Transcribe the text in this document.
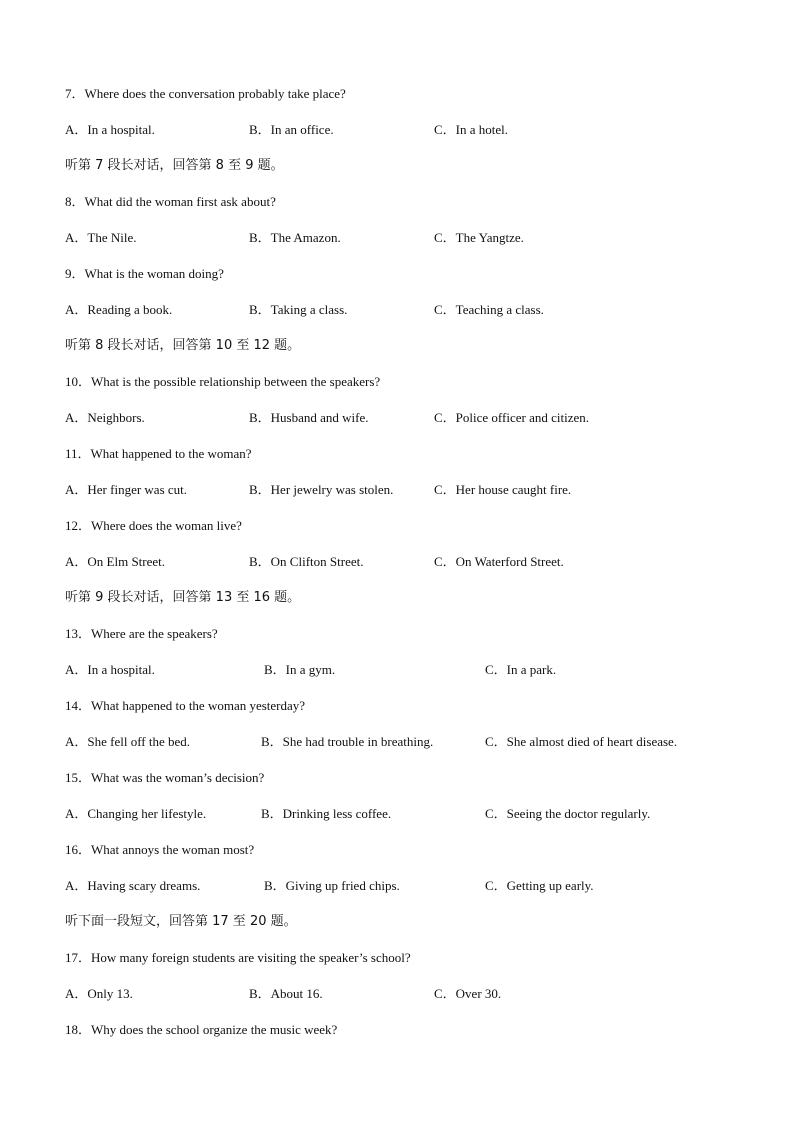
7．Where does the conversation probably take place?
A．In a hospital.	B．In an office.	C．In a hotel.
听第 7 段长对话，回答第 8 至 9 题。
8．What did the woman first ask about?
A．The Nile.	B．The Amazon.	C．The Yangtze.
9．What is the woman doing?
A．Reading a book.	B．Taking a class.	C．Teaching a class.
听第 8 段长对话，回答第 10 至 12 题。
10．What is the possible relationship between the speakers?
A．Neighbors.	B．Husband and wife.	C．Police officer and citizen.
11．What happened to the woman?
A．Her finger was cut.	B．Her jewelry was stolen.	C．Her house caught fire.
12．Where does the woman live?
A．On Elm Street.	B．On Clifton Street.	C．On Waterford Street.
听第 9 段长对话，回答第 13 至 16 题。
13．Where are the speakers?
A．In a hospital.	B．In a gym.	C．In a park.
14．What happened to the woman yesterday?
A．She fell off the bed.	B．She had trouble in breathing.	C．She almost died of heart disease.
15．What was the woman’s decision?
A．Changing her lifestyle.	B．Drinking less coffee.	C．Seeing the doctor regularly.
16．What annoys the woman most?
A．Having scary dreams.	B．Giving up fried chips.	C．Getting up early.
听下面一段短文，回答第 17 至 20 题。
17．How many foreign students are visiting the speaker’s school?
A．Only 13.	B．About 16.	C．Over 30.
18．Why does the school organize the music week?
